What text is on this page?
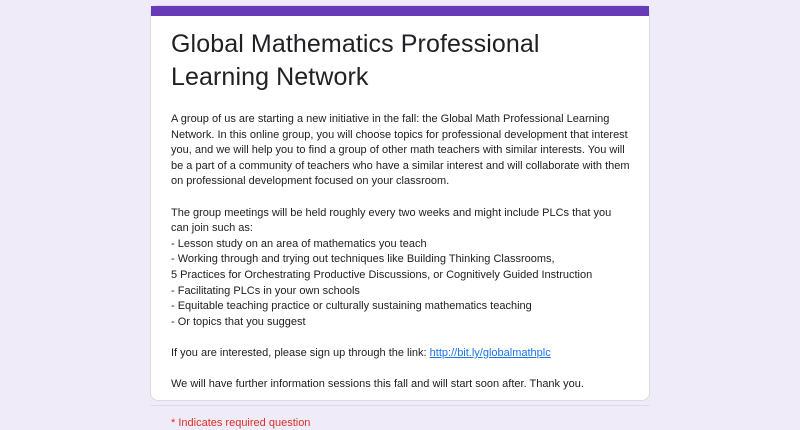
Global Mathematics Professional Learning Network

A group of us are starting a new initiative in the fall: the Global Math Professional Learning Network. In this online group, you will choose topics for professional development that interest you, and we will help you to find a group of other math teachers with similar interests. You will be a part of a community of teachers who have a similar interest and will collaborate with them on professional development focused on your classroom.

The group meetings will be held roughly every two weeks and might include PLCs that you can join such as:

- Lesson study on an area of mathematics you teach

- Working through and trying out techniques like Building Thinking Classrooms,

5 Practices for Orchestrating Productive Discussions, or Cognitively Guided Instruction

- Facilitating PLCs in your own schools

- Equitable teaching practice or culturally sustaining mathematics teaching

- Or topics that you suggest

If you are interested, please sign up through the link: http://bit.ly/globalmathplc

We will have further information sessions this fall and will start soon after. Thank you.

* Indicates required question
